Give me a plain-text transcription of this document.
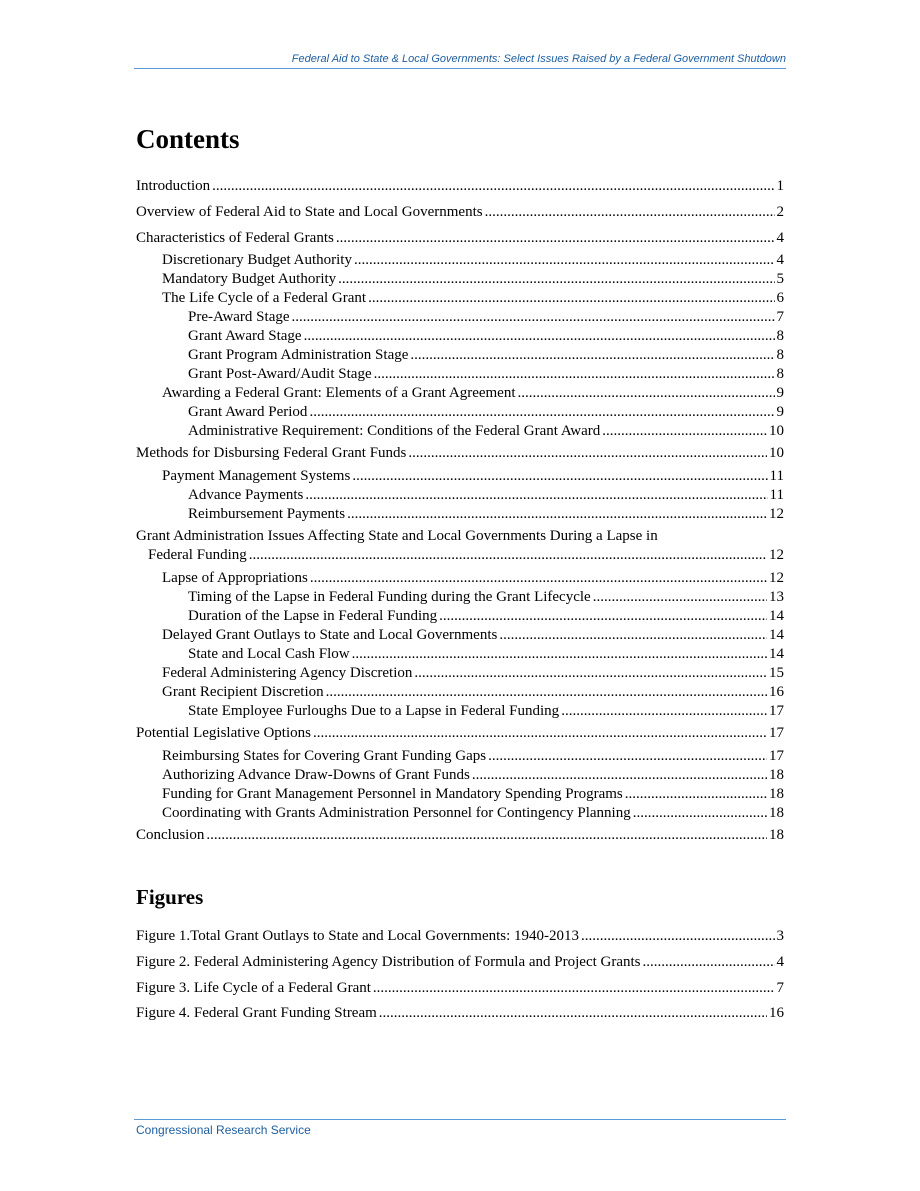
Federal Aid to State & Local Governments: Select Issues Raised by a Federal Government Shutdown
Contents
Introduction .....	1
Overview of Federal Aid to State and Local Governments .....	2
Characteristics of Federal Grants .....	4
Discretionary Budget Authority .....	4
Mandatory Budget Authority .....	5
The Life Cycle of a Federal Grant .....	6
Pre-Award Stage .....	7
Grant Award Stage .....	8
Grant Program Administration Stage .....	8
Grant Post-Award/Audit Stage .....	8
Awarding a Federal Grant: Elements of a Grant Agreement .....	9
Grant Award Period .....	9
Administrative Requirement: Conditions of the Federal Grant Award .....	10
Methods for Disbursing Federal Grant Funds .....	10
Payment Management Systems .....	11
Advance Payments .....	11
Reimbursement Payments .....	12
Grant Administration Issues Affecting State and Local Governments During a Lapse in
Federal Funding .....	12
Lapse of Appropriations .....	12
Timing of the Lapse in Federal Funding during the Grant Lifecycle .....	13
Duration of the Lapse in Federal Funding .....	14
Delayed Grant Outlays to State and Local Governments .....	14
State and Local Cash Flow .....	14
Federal Administering Agency Discretion .....	15
Grant Recipient Discretion .....	16
State Employee Furloughs Due to a Lapse in Federal Funding .....	17
Potential Legislative Options .....	17
Reimbursing States for Covering Grant Funding Gaps .....	17
Authorizing Advance Draw-Downs of Grant Funds .....	18
Funding for Grant Management Personnel in Mandatory Spending Programs .....	18
Coordinating with Grants Administration Personnel for Contingency Planning .....	18
Conclusion .....	18
Figures
Figure 1.Total Grant Outlays to State and Local Governments: 1940-2013 .....	3
Figure 2. Federal Administering Agency Distribution of Formula and Project Grants .....	4
Figure 3. Life Cycle of a Federal Grant .....	7
Figure 4. Federal Grant Funding Stream .....	16
Congressional Research Service
